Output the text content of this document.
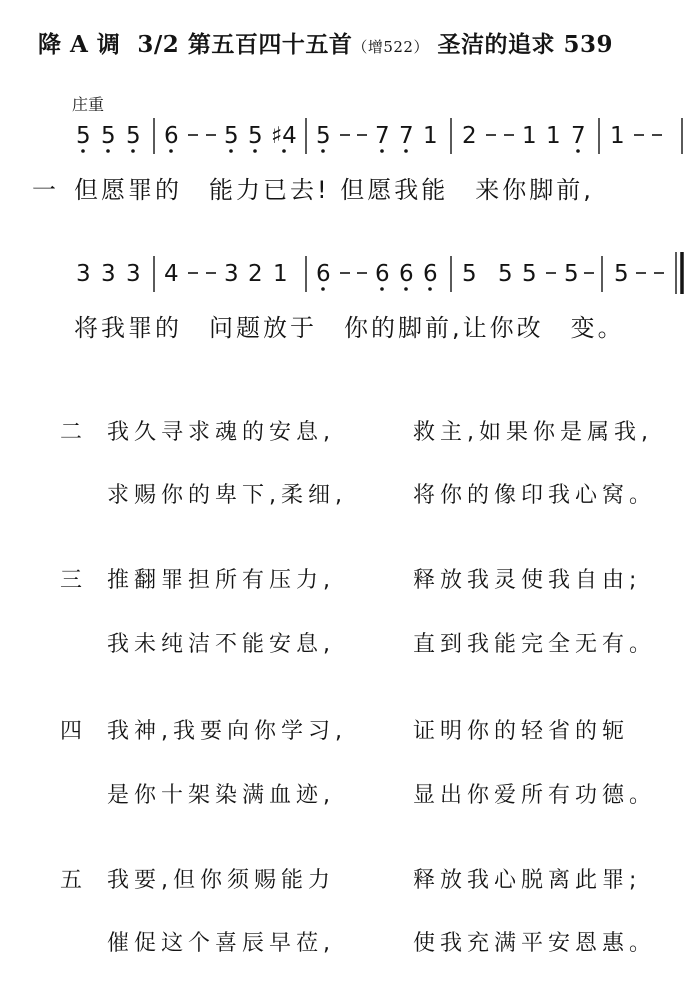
降 A 调 3/2 第五百四十五首（增522） 圣洁的追求 539
庄重
5 5 5 6 5 5 ♯4 5 7 7 1 2 1 1 7 1
一 但愿罪的　能力已去! 但愿我能　来你脚前,
3 3 3 4 3 2 1 6 6 6 6 5 5 5 5 5
将我罪的　问题放于　你的脚前,让你改　变。
二 我久寻求魂的安息,	救主,如果你是属我,
求赐你的卑下,柔细,	将你的像印我心窝。
三 推翻罪担所有压力,	释放我灵使我自由;
我未纯洁不能安息,	直到我能完全无有。
四 我神,我要向你学习,	证明你的轻省的轭
是你十架染满血迹,	显出你爱所有功德。
五 我要,但你须赐能力	释放我心脱离此罪;
催促这个喜辰早莅,	使我充满平安恩惠。
